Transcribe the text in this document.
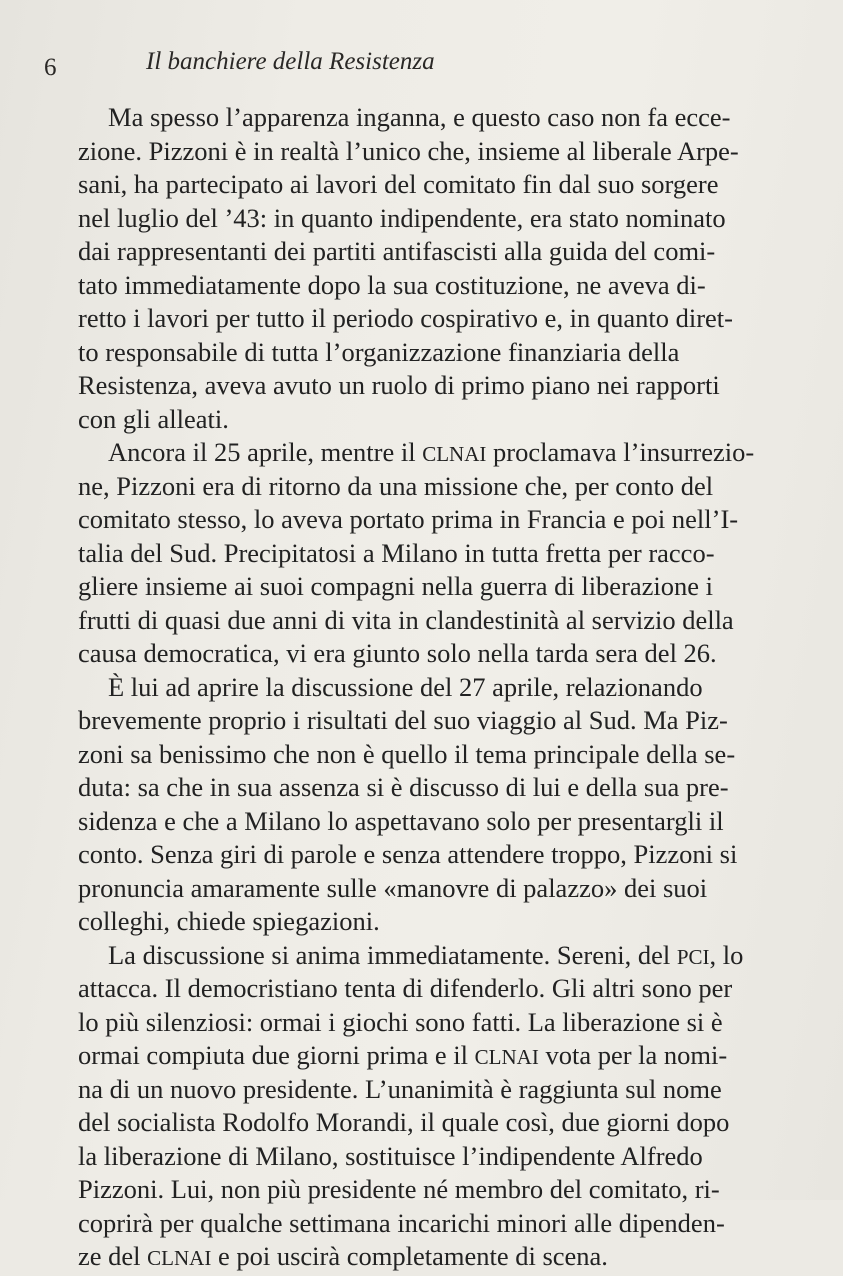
6	Il banchiere della Resistenza
Ma spesso l’apparenza inganna, e questo caso non fa ecce-
zione. Pizzoni è in realtà l’unico che, insieme al liberale Arpe-
sani, ha partecipato ai lavori del comitato fin dal suo sorgere
nel luglio del ’43: in quanto indipendente, era stato nominato
dai rappresentanti dei partiti antifascisti alla guida del comi-
tato immediatamente dopo la sua costituzione, ne aveva di-
retto i lavori per tutto il periodo cospirativo e, in quanto diret-
to responsabile di tutta l’organizzazione finanziaria della
Resistenza, aveva avuto un ruolo di primo piano nei rapporti
con gli alleati.
Ancora il 25 aprile, mentre il CLNAI proclamava l’insurrezio-
ne, Pizzoni era di ritorno da una missione che, per conto del
comitato stesso, lo aveva portato prima in Francia e poi nell’I-
talia del Sud. Precipitatosi a Milano in tutta fretta per racco-
gliere insieme ai suoi compagni nella guerra di liberazione i
frutti di quasi due anni di vita in clandestinità al servizio della
causa democratica, vi era giunto solo nella tarda sera del 26.
È lui ad aprire la discussione del 27 aprile, relazionando
brevemente proprio i risultati del suo viaggio al Sud. Ma Piz-
zoni sa benissimo che non è quello il tema principale della se-
duta: sa che in sua assenza si è discusso di lui e della sua pre-
sidenza e che a Milano lo aspettavano solo per presentargli il
conto. Senza giri di parole e senza attendere troppo, Pizzoni si
pronuncia amaramente sulle «manovre di palazzo» dei suoi
colleghi, chiede spiegazioni.
La discussione si anima immediatamente. Sereni, del PCI, lo
attacca. Il democristiano tenta di difenderlo. Gli altri sono per
lo più silenziosi: ormai i giochi sono fatti. La liberazione si è
ormai compiuta due giorni prima e il CLNAI vota per la nomi-
na di un nuovo presidente. L’unanimità è raggiunta sul nome
del socialista Rodolfo Morandi, il quale così, due giorni dopo
la liberazione di Milano, sostituisce l’indipendente Alfredo
Pizzoni. Lui, non più presidente né membro del comitato, ri-
coprirà per qualche settimana incarichi minori alle dipenden-
ze del CLNAI e poi uscirà completamente di scena.
